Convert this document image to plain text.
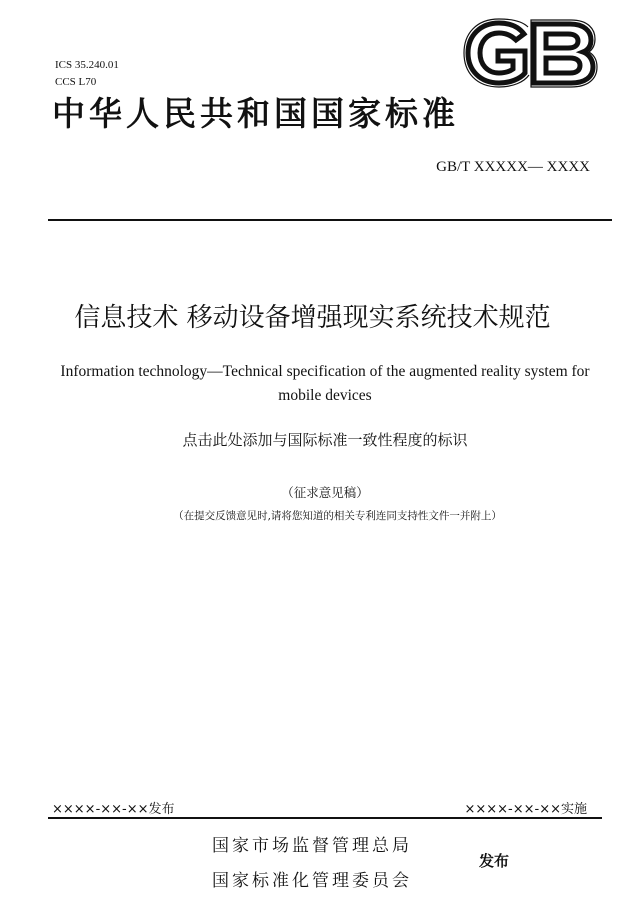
ICS 35.240.01
CCS L70
中华人民共和国国家标准
GB/T XXXXX— XXXX
信息技术 移动设备增强现实系统技术规范
Information technology—Technical specification of the augmented reality system for mobile devices
点击此处添加与国际标准一致性程度的标识
（征求意见稿）
（在提交反馈意见时,请将您知道的相关专利连同支持性文件一并附上）
××××-××-××发布	××××-××-××实施
国家市场监督管理总局
国家标准化管理委员会
发布
